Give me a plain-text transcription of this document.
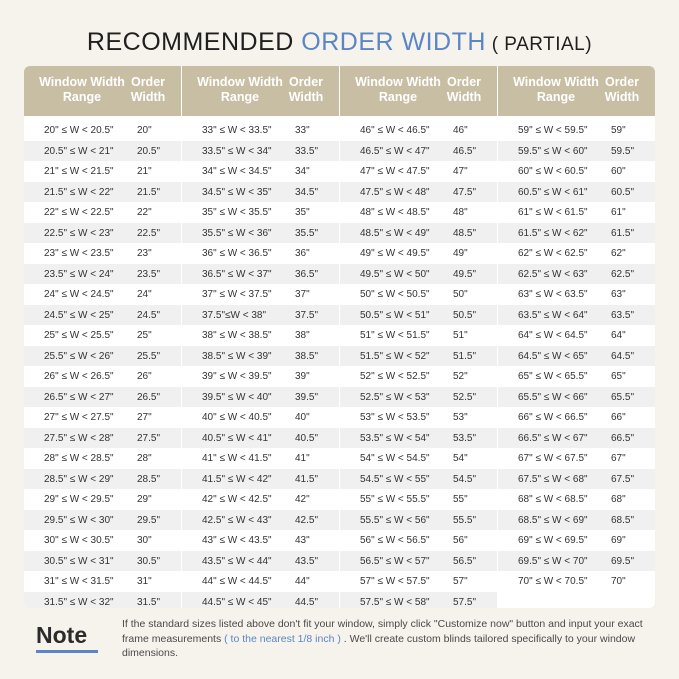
RECOMMENDED ORDER WIDTH ( PARTIAL)
Window Width Range
Order Width
20" ≤ W < 20.5" 20"
20.5" ≤ W < 21" 20.5"
21" ≤ W < 21.5" 21"
21.5" ≤ W < 22" 21.5"
22" ≤ W < 22.5" 22"
22.5" ≤ W < 23" 22.5"
23" ≤ W < 23.5" 23"
23.5" ≤ W < 24" 23.5"
24" ≤ W < 24.5" 24"
24.5" ≤ W < 25" 24.5"
25" ≤ W < 25.5" 25"
25.5" ≤ W < 26" 25.5"
26" ≤ W < 26.5" 26"
26.5" ≤ W < 27" 26.5"
27" ≤ W < 27.5" 27"
27.5" ≤ W < 28" 27.5"
28" ≤ W < 28.5" 28"
28.5" ≤ W < 29" 28.5"
29" ≤ W < 29.5" 29"
29.5" ≤ W < 30" 29.5"
30" ≤ W < 30.5" 30"
30.5" ≤ W < 31" 30.5"
31" ≤ W < 31.5" 31"
31.5" ≤ W < 32" 31.5"
Window Width Range
Order Width
33" ≤ W < 33.5" 33"
33.5" ≤ W < 34" 33.5"
34" ≤ W < 34.5" 34"
34.5" ≤ W < 35" 34.5"
35" ≤ W < 35.5" 35"
35.5" ≤ W < 36" 35.5"
36" ≤ W < 36.5" 36"
36.5" ≤ W < 37" 36.5"
37" ≤ W < 37.5" 37"
37.5"≤W < 38"	37.5"
38" ≤ W < 38.5" 38"
38.5" ≤ W < 39" 38.5"
39" ≤ W < 39.5" 39"
39.5" ≤ W < 40" 39.5"
40" ≤ W < 40.5" 40"
40.5" ≤ W < 41" 40.5"
41" ≤ W < 41.5" 41"
41.5" ≤ W < 42" 41.5"
42" ≤ W < 42.5" 42"
42.5" ≤ W < 43" 42.5"
43" ≤ W < 43.5" 43"
43.5" ≤ W < 44" 43.5"
44" ≤ W < 44.5" 44"
44.5" ≤ W < 45" 44.5"
Window Width Range
Order Width
46" ≤ W < 46.5" 46"
46.5" ≤ W < 47" 46.5"
47" ≤ W < 47.5" 47"
47.5" ≤ W < 48" 47.5"
48" ≤ W < 48.5" 48"
48.5" ≤ W < 49" 48.5"
49" ≤ W < 49.5" 49"
49.5" ≤ W < 50" 49.5"
50" ≤ W < 50.5" 50"
50.5" ≤ W < 51" 50.5"
51" ≤ W < 51.5" 51"
51.5" ≤ W < 52" 51.5"
52" ≤ W < 52.5" 52"
52.5" ≤ W < 53" 52.5"
53" ≤ W < 53.5" 53"
53.5" ≤ W < 54" 53.5"
54" ≤ W < 54.5" 54"
54.5" ≤ W < 55" 54.5"
55" ≤ W < 55.5" 55"
55.5" ≤ W < 56" 55.5"
56" ≤ W < 56.5" 56"
56.5" ≤ W < 57" 56.5"
57" ≤ W < 57.5" 57"
57.5" ≤ W < 58" 57.5"
Window Width Range
Order Width
59" ≤ W < 59.5" 59"
59.5" ≤ W < 60" 59.5"
60" ≤ W < 60.5" 60"
60.5" ≤ W < 61" 60.5"
61" ≤ W < 61.5" 61"
61.5" ≤ W < 62" 61.5"
62" ≤ W < 62.5" 62"
62.5" ≤ W < 63" 62.5"
63" ≤ W < 63.5" 63"
63.5" ≤ W < 64" 63.5"
64" ≤ W < 64.5" 64"
64.5" ≤ W < 65" 64.5"
65" ≤ W < 65.5" 65"
65.5" ≤ W < 66" 65.5"
66" ≤ W < 66.5" 66"
66.5" ≤ W < 67" 66.5"
67" ≤ W < 67.5" 67"
67.5" ≤ W < 68" 67.5"
68" ≤ W < 68.5" 68"
68.5" ≤ W < 69" 68.5"
69" ≤ W < 69.5" 69"
69.5" ≤ W < 70" 69.5"
70" ≤ W < 70.5" 70"
Note	If the standard sizes listed above don't fit your window, simply click "Customize now" button and input your exact frame measurements ( to the nearest 1/8 inch ) . We'll create custom blinds tailored specifically to your window dimensions.
